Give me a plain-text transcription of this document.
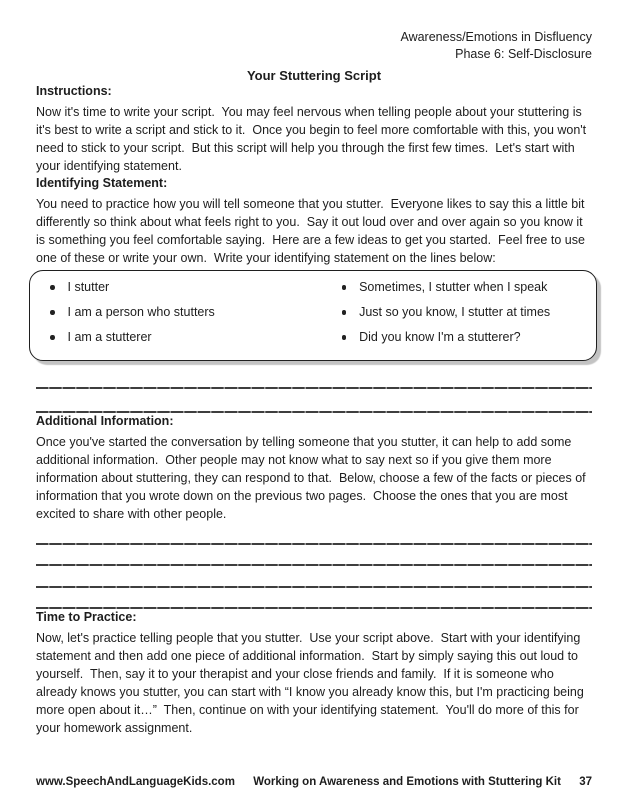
Awareness/Emotions in Disfluency
Phase 6: Self-Disclosure
Your Stuttering Script
Instructions:

Now it's time to write your script.  You may feel nervous when telling people about your stuttering is it's best to write a script and stick to it.  Once you begin to feel more comfortable with this, you won't need to stick to your script.  But this script will help you through the first few times.  Let's start with your identifying statement.

Identifying Statement:

You need to practice how you will tell someone that you stutter.  Everyone likes to say this a little bit differently so think about what feels right to you.  Say it out loud over and over again so you know it is something you feel comfortable saying.  Here are a few ideas to get you started.  Feel free to use one of these or write your own.  Write your identifying statement on the lines below:

I stutter
I am a person who stutters
I am a stutterer
Sometimes, I stutter when I speak
Just so you know, I stutter at times
Did you know I'm a stutterer?
Additional Information:

Once you've started the conversation by telling someone that you stutter, it can help to add some additional information.  Other people may not know what to say next so if you give them more information about stuttering, they can respond to that.  Below, choose a few of the facts or pieces of information that you wrote down on the previous two pages.  Choose the ones that you are most excited to share with other people.

Time to Practice:

Now, let's practice telling people that you stutter.  Use your script above.  Start with your identifying statement and then add one piece of additional information.  Start by simply saying this out loud to yourself.  Then, say it to your therapist and your close friends and family.  If it is someone who already knows you stutter, you can start with “I know you already know this, but I'm practicing being more open about it…”  Then, continue on with your identifying statement.  You'll do more of this for your homework assignment.

www.SpeechAndLanguageKids.com Working on Awareness and Emotions with Stuttering Kit 37
